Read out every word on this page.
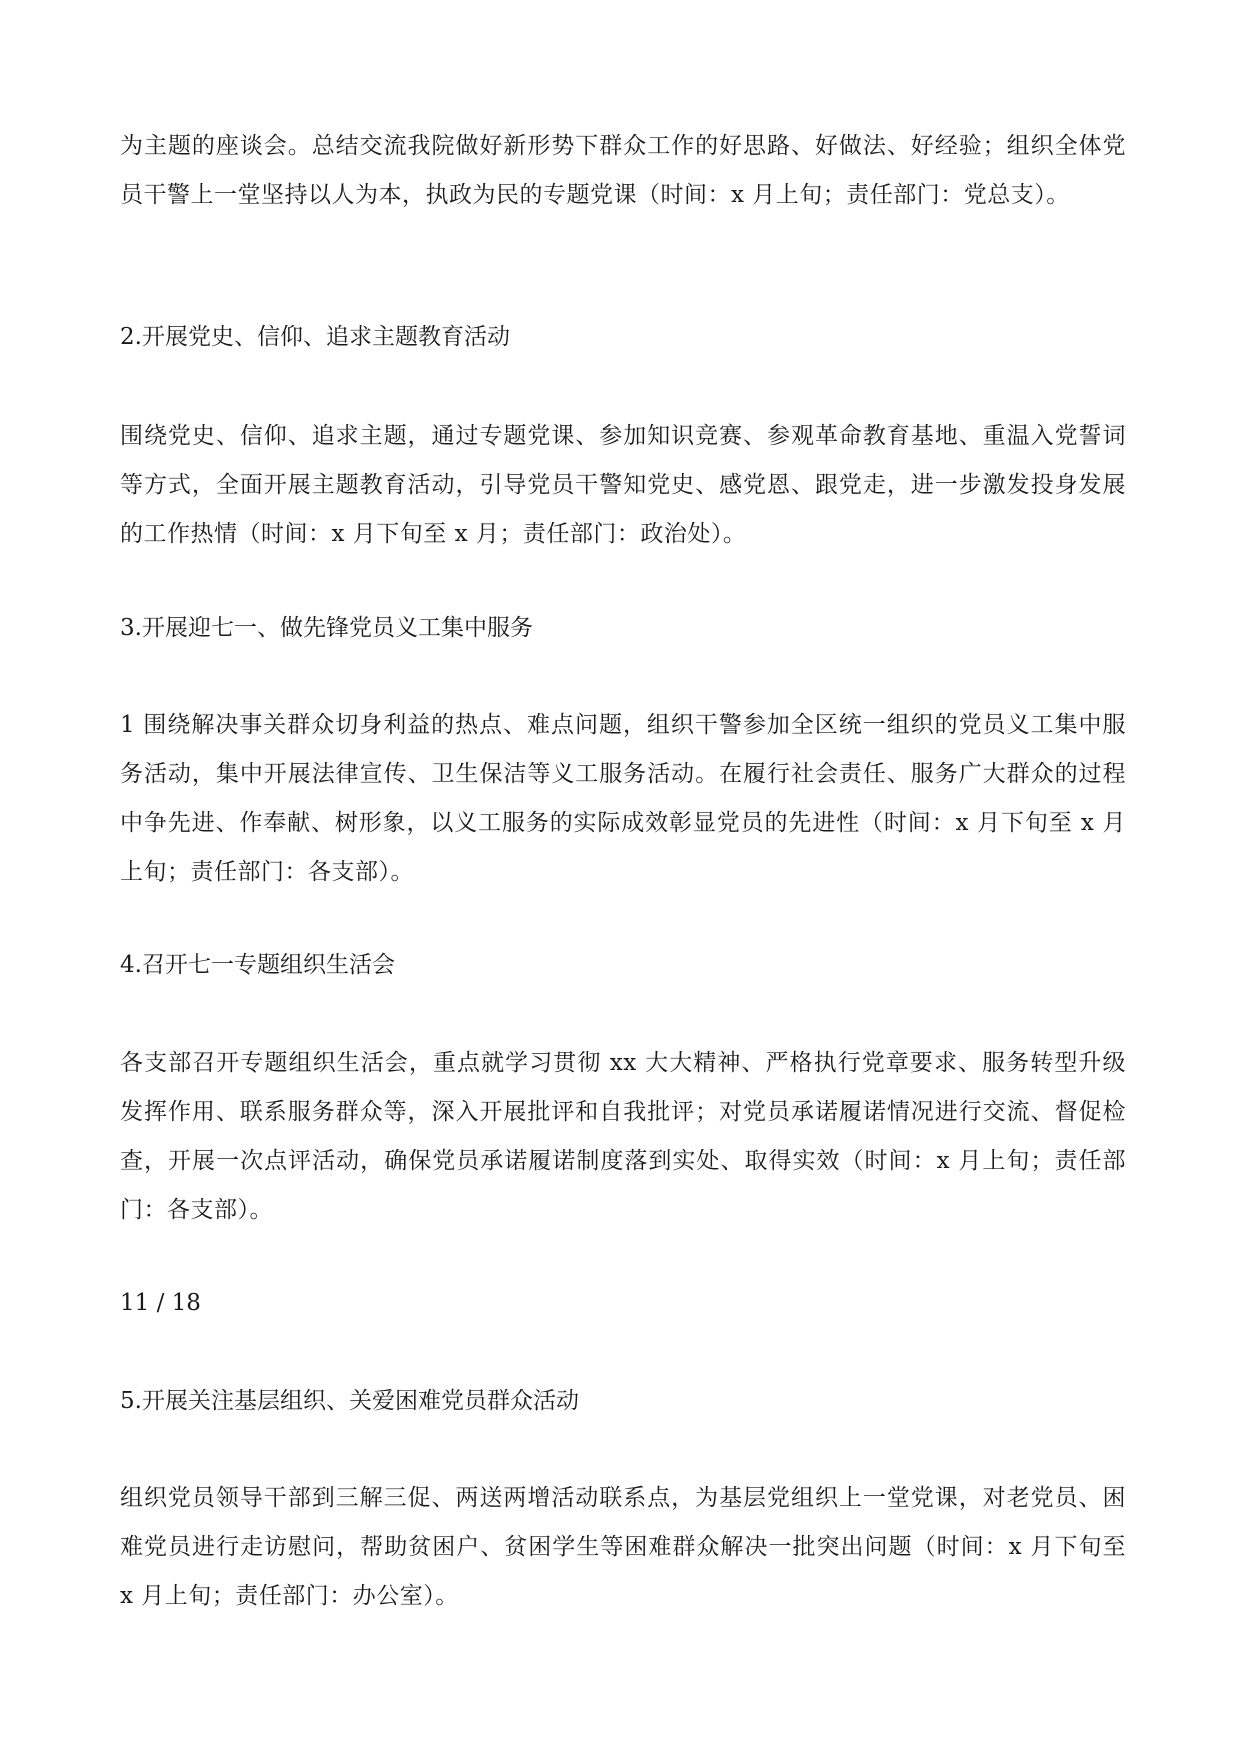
为主题的座谈会。总结交流我院做好新形势下群众工作的好思路、好做法、好经验；组织全体党员干警上一堂坚持以人为本，执政为民的专题党课（时间：x 月上旬；责任部门：党总支）。

2.开展党史、信仰、追求主题教育活动

围绕党史、信仰、追求主题，通过专题党课、参加知识竞赛、参观革命教育基地、重温入党誓词等方式，全面开展主题教育活动，引导党员干警知党史、感党恩、跟党走，进一步激发投身发展的工作热情（时间：x 月下旬至 x 月；责任部门：政治处）。

3.开展迎七一、做先锋党员义工集中服务

1 围绕解决事关群众切身利益的热点、难点问题，组织干警参加全区统一组织的党员义工集中服务活动，集中开展法律宣传、卫生保洁等义工服务活动。在履行社会责任、服务广大群众的过程中争先进、作奉献、树形象，以义工服务的实际成效彰显党员的先进性（时间：x 月下旬至 x 月上旬；责任部门：各支部）。

4.召开七一专题组织生活会

各支部召开专题组织生活会，重点就学习贯彻 xx 大大精神、严格执行党章要求、服务转型升级发挥作用、联系服务群众等，深入开展批评和自我批评；对党员承诺履诺情况进行交流、督促检查，开展一次点评活动，确保党员承诺履诺制度落到实处、取得实效（时间：x 月上旬；责任部门：各支部）。

11 / 18
5.开展关注基层组织、关爱困难党员群众活动

组织党员领导干部到三解三促、两送两增活动联系点，为基层党组织上一堂党课，对老党员、困难党员进行走访慰问，帮助贫困户、贫困学生等困难群众解决一批突出问题（时间：x 月下旬至 x 月上旬；责任部门：办公室）。
